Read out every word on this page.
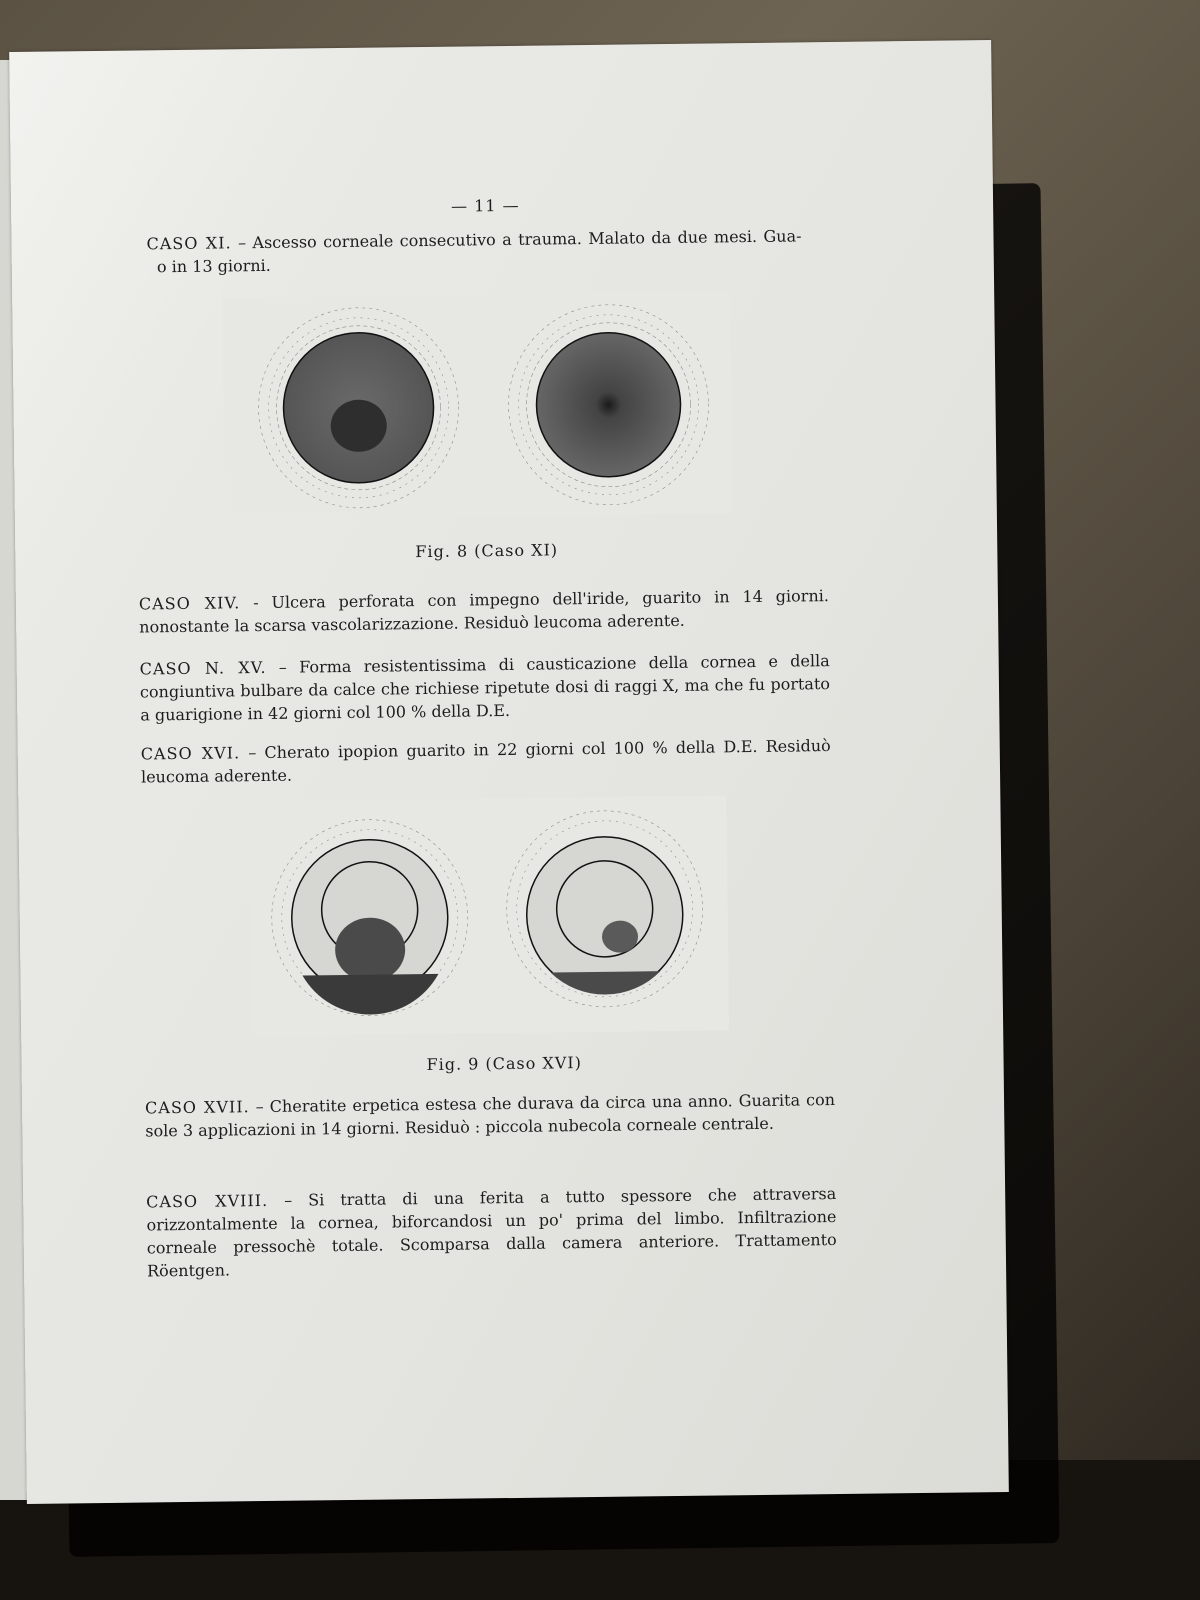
— 11 —
CASO XI. – Ascesso corneale consecutivo a trauma. Malato da due mesi. Gua-  o in 13 giorni.
Fig. 8 (Caso XI)
CASO XIV. - Ulcera perforata con impegno dell'iride, guarito in 14 giorni. nonostante la scarsa vascolarizzazione. Residuò leucoma aderente.
CASO N. XV. – Forma resistentissima di causticazione della cornea e della congiuntiva bulbare da calce che richiese ripetute dosi di raggi X, ma che fu portato a guarigione in 42 giorni col 100 % della D.E.
CASO XVI. – Cherato ipopion guarito in 22 giorni col 100 % della D.E. Residuò leucoma aderente.
Fig. 9 (Caso XVI)
CASO XVII. – Cheratite erpetica estesa che durava da circa una anno. Guarita con sole 3 applicazioni in 14 giorni. Residuò : piccola nubecola corneale centrale.
CASO XVIII. – Si tratta di una ferita a tutto spessore che attraversa orizzontalmente la cornea, biforcandosi un po' prima del limbo. Infiltrazione corneale pressochè totale. Scomparsa dalla camera anteriore. Trattamento Röentgen.
